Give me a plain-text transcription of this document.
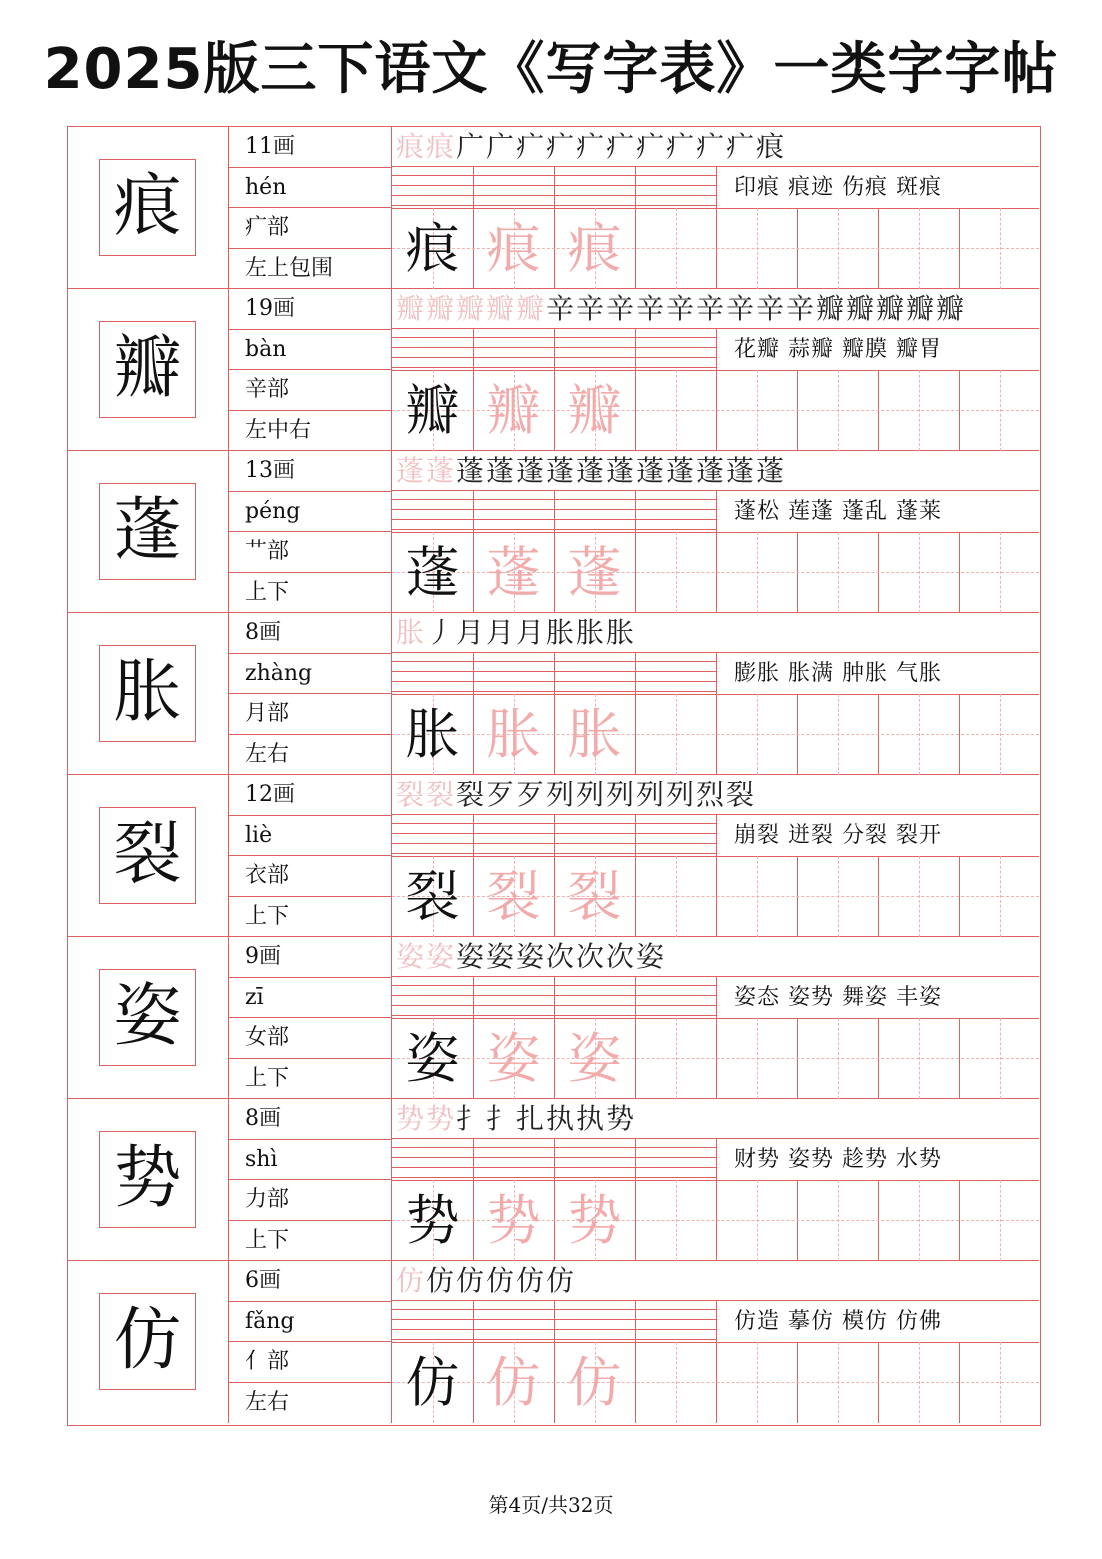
2025版三下语文《写字表》一类字字帖
痕
11画
hén
疒部
左上包围
痕痕广广疒疒疒疒疒疒疒疒痕
印痕 痕迹 伤痕 斑痕
痕 痕 痕
瓣
19画
bàn
辛部
左中右
瓣瓣瓣瓣瓣辛辛辛辛辛辛辛辛辛瓣瓣瓣瓣瓣
花瓣 蒜瓣 瓣膜 瓣胃
瓣 瓣 瓣
蓬
13画
péng
艹部
上下
蓬蓬蓬蓬蓬蓬蓬蓬蓬蓬蓬蓬蓬
蓬松 莲蓬 蓬乱 蓬莱
蓬 蓬 蓬
胀
8画
zhàng
月部
左右
胀丿月月月胀胀胀
膨胀 胀满 肿胀 气胀
胀 胀 胀
裂
12画
liè
衣部
上下
裂裂裂歹歹列列列列列烈裂
崩裂 迸裂 分裂 裂开
裂 裂 裂
姿
9画
zī
女部
上下
姿姿姿姿姿次次次姿
姿态 姿势 舞姿 丰姿
姿 姿 姿
势
8画
shì
力部
上下
势势扌扌扎执执势
财势 姿势 趁势 水势
势 势 势
仿
6画
fǎng
亻部
左右
仿仿仿仿仿仿
仿造 摹仿 模仿 仿佛
仿 仿 仿
第4页/共32页
